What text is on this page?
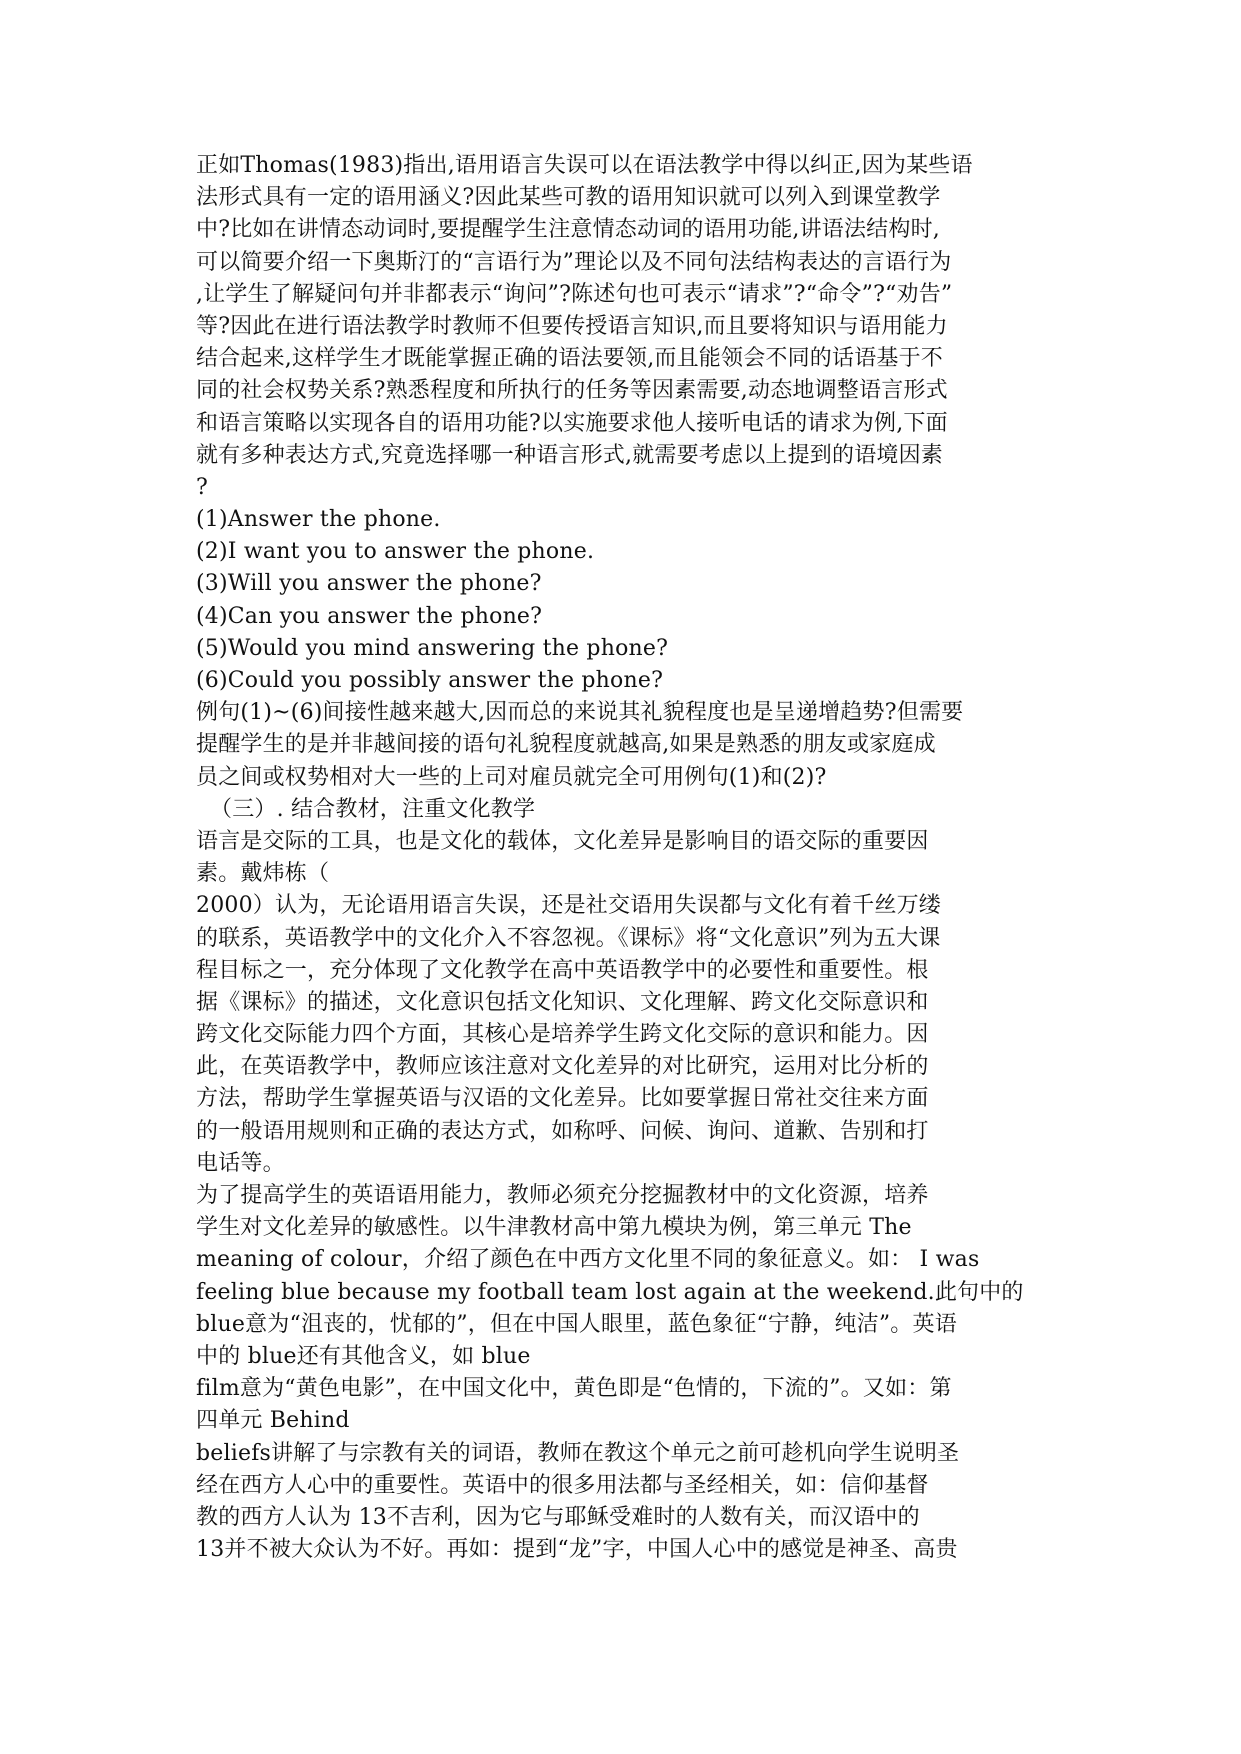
正如Thomas(1983)指出,语用语言失误可以在语法教学中得以纠正,因为某些语
法形式具有一定的语用涵义?因此某些可教的语用知识就可以列入到课堂教学
中?比如在讲情态动词时,要提醒学生注意情态动词的语用功能,讲语法结构时,
可以简要介绍一下奥斯汀的“言语行为”理论以及不同句法结构表达的言语行为
,让学生了解疑问句并非都表示“询问”?陈述句也可表示“请求”?“命令”?“劝告”
等?因此在进行语法教学时教师不但要传授语言知识,而且要将知识与语用能力
结合起来,这样学生才既能掌握正确的语法要领,而且能领会不同的话语基于不
同的社会权势关系?熟悉程度和所执行的任务等因素需要,动态地调整语言形式
和语言策略以实现各自的语用功能?以实施要求他人接听电话的请求为例,下面
就有多种表达方式,究竟选择哪一种语言形式,就需要考虑以上提到的语境因素
?
(1)Answer the phone.
(2)I want you to answer the phone.
(3)Will you answer the phone?
(4)Can you answer the phone?
(5)Would you mind answering the phone?
(6)Could you possibly answer the phone?
例句(1)~(6)间接性越来越大,因而总的来说其礼貌程度也是呈递增趋势?但需要
提醒学生的是并非越间接的语句礼貌程度就越高,如果是熟悉的朋友或家庭成
员之间或权势相对大一些的上司对雇员就完全可用例句(1)和(2)?
（三）. 结合教材，注重文化教学
语言是交际的工具，也是文化的载体，文化差异是影响目的语交际的重要因
素。戴炜栋（
2000）认为，无论语用语言失误，还是社交语用失误都与文化有着千丝万缕
的联系，英语教学中的文化介入不容忽视。《课标》将“文化意识”列为五大课
程目标之一，充分体现了文化教学在高中英语教学中的必要性和重要性。根
据《课标》的描述，文化意识包括文化知识、文化理解、跨文化交际意识和
跨文化交际能力四个方面，其核心是培养学生跨文化交际的意识和能力。因
此，在英语教学中，教师应该注意对文化差异的对比研究，运用对比分析的
方法，帮助学生掌握英语与汉语的文化差异。比如要掌握日常社交往来方面
的一般语用规则和正确的表达方式，如称呼、问候、询问、道歉、告别和打
电话等。
为了提高学生的英语语用能力，教师必须充分挖掘教材中的文化资源，培养
学生对文化差异的敏感性。以牛津教材高中第九模块为例，第三单元 The
meaning of colour，介绍了颜色在中西方文化里不同的象征意义。如： I was
feeling blue because my football team lost again at the weekend.此句中的
blue意为“沮丧的，忧郁的”，但在中国人眼里，蓝色象征“宁静，纯洁”。英语
中的 blue还有其他含义，如 blue
film意为“黄色电影”，在中国文化中，黄色即是“色情的，下流的”。又如：第
四单元 Behind
beliefs讲解了与宗教有关的词语，教师在教这个单元之前可趁机向学生说明圣
经在西方人心中的重要性。英语中的很多用法都与圣经相关，如：信仰基督
教的西方人认为 13不吉利，因为它与耶稣受难时的人数有关，而汉语中的
13并不被大众认为不好。再如：提到“龙”字，中国人心中的感觉是神圣、高贵
